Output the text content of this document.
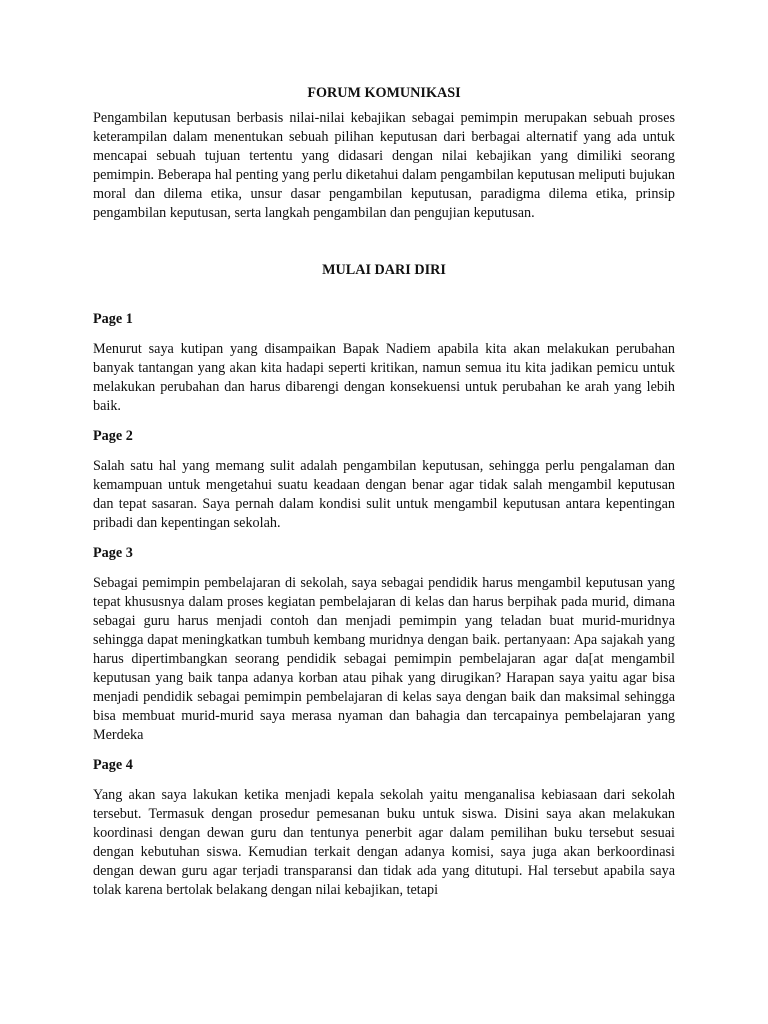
FORUM KOMUNIKASI

Pengambilan keputusan berbasis nilai-nilai kebajikan sebagai pemimpin merupakan sebuah proses keterampilan dalam menentukan sebuah pilihan keputusan dari berbagai alternatif yang ada untuk mencapai sebuah tujuan tertentu yang didasari dengan nilai kebajikan yang dimiliki seorang pemimpin. Beberapa hal penting yang perlu diketahui dalam pengambilan keputusan meliputi bujukan moral dan dilema etika, unsur dasar pengambilan keputusan, paradigma dilema etika, prinsip pengambilan keputusan, serta langkah pengambilan dan pengujian keputusan.

MULAI DARI DIRI
Page 1

Menurut saya kutipan yang disampaikan Bapak Nadiem apabila kita akan melakukan perubahan banyak tantangan yang akan kita hadapi seperti kritikan, namun semua itu kita jadikan pemicu untuk melakukan perubahan dan harus dibarengi dengan konsekuensi untuk perubahan ke arah yang lebih baik.

Page 2

Salah satu hal yang memang sulit adalah pengambilan keputusan, sehingga perlu pengalaman dan kemampuan untuk mengetahui suatu keadaan dengan benar agar tidak salah mengambil keputusan dan tepat sasaran. Saya pernah dalam kondisi sulit untuk mengambil keputusan antara kepentingan pribadi dan kepentingan sekolah.

Page 3

Sebagai pemimpin pembelajaran di sekolah, saya sebagai pendidik harus mengambil keputusan yang tepat khususnya dalam proses kegiatan pembelajaran di kelas dan harus berpihak pada murid, dimana sebagai guru harus menjadi contoh dan menjadi pemimpin yang teladan buat murid-muridnya sehingga dapat meningkatkan tumbuh kembang muridnya dengan baik. pertanyaan: Apa sajakah yang harus dipertimbangkan seorang pendidik sebagai pemimpin pembelajaran agar da[at mengambil keputusan yang baik tanpa adanya korban atau pihak yang dirugikan? Harapan saya yaitu agar bisa menjadi pendidik sebagai pemimpin pembelajaran di kelas saya dengan baik dan maksimal sehingga bisa membuat murid-murid saya merasa nyaman dan bahagia dan tercapainya pembelajaran yang Merdeka

Page 4

Yang akan saya lakukan ketika menjadi kepala sekolah yaitu menganalisa kebiasaan dari sekolah tersebut. Termasuk dengan prosedur pemesanan buku untuk siswa. Disini saya akan melakukan koordinasi dengan dewan guru dan tentunya penerbit agar dalam pemilihan buku tersebut sesuai dengan kebutuhan siswa. Kemudian terkait dengan adanya komisi, saya juga akan berkoordinasi dengan dewan guru agar terjadi transparansi dan tidak ada yang ditutupi. Hal tersebut apabila saya tolak karena bertolak belakang dengan nilai kebajikan, tetapi
